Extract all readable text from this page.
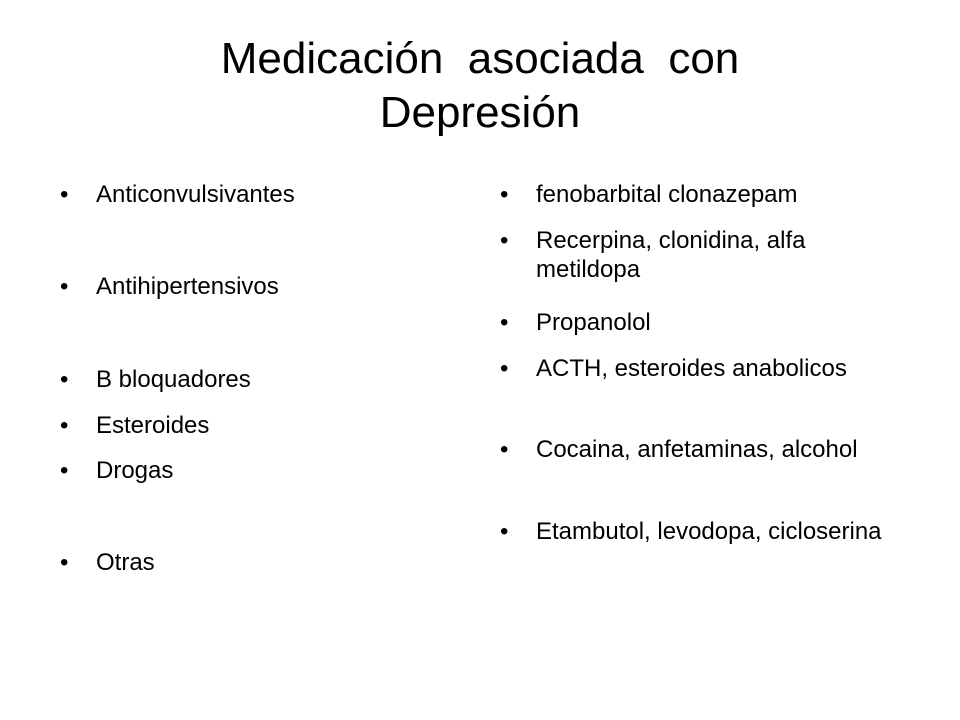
Medicación  asociada  con
Depresión
•	Anticonvulsivantes
•	Antihipertensivos
•	B bloquadores
•	Esteroides
•	Drogas
•	Otras
•	fenobarbital clonazepam
•	Recerpina, clonidina, alfa metildopa
•	Propanolol
•	ACTH, esteroides anabolicos
•	Cocaina, anfetaminas, alcohol
•	Etambutol, levodopa, cicloserina
